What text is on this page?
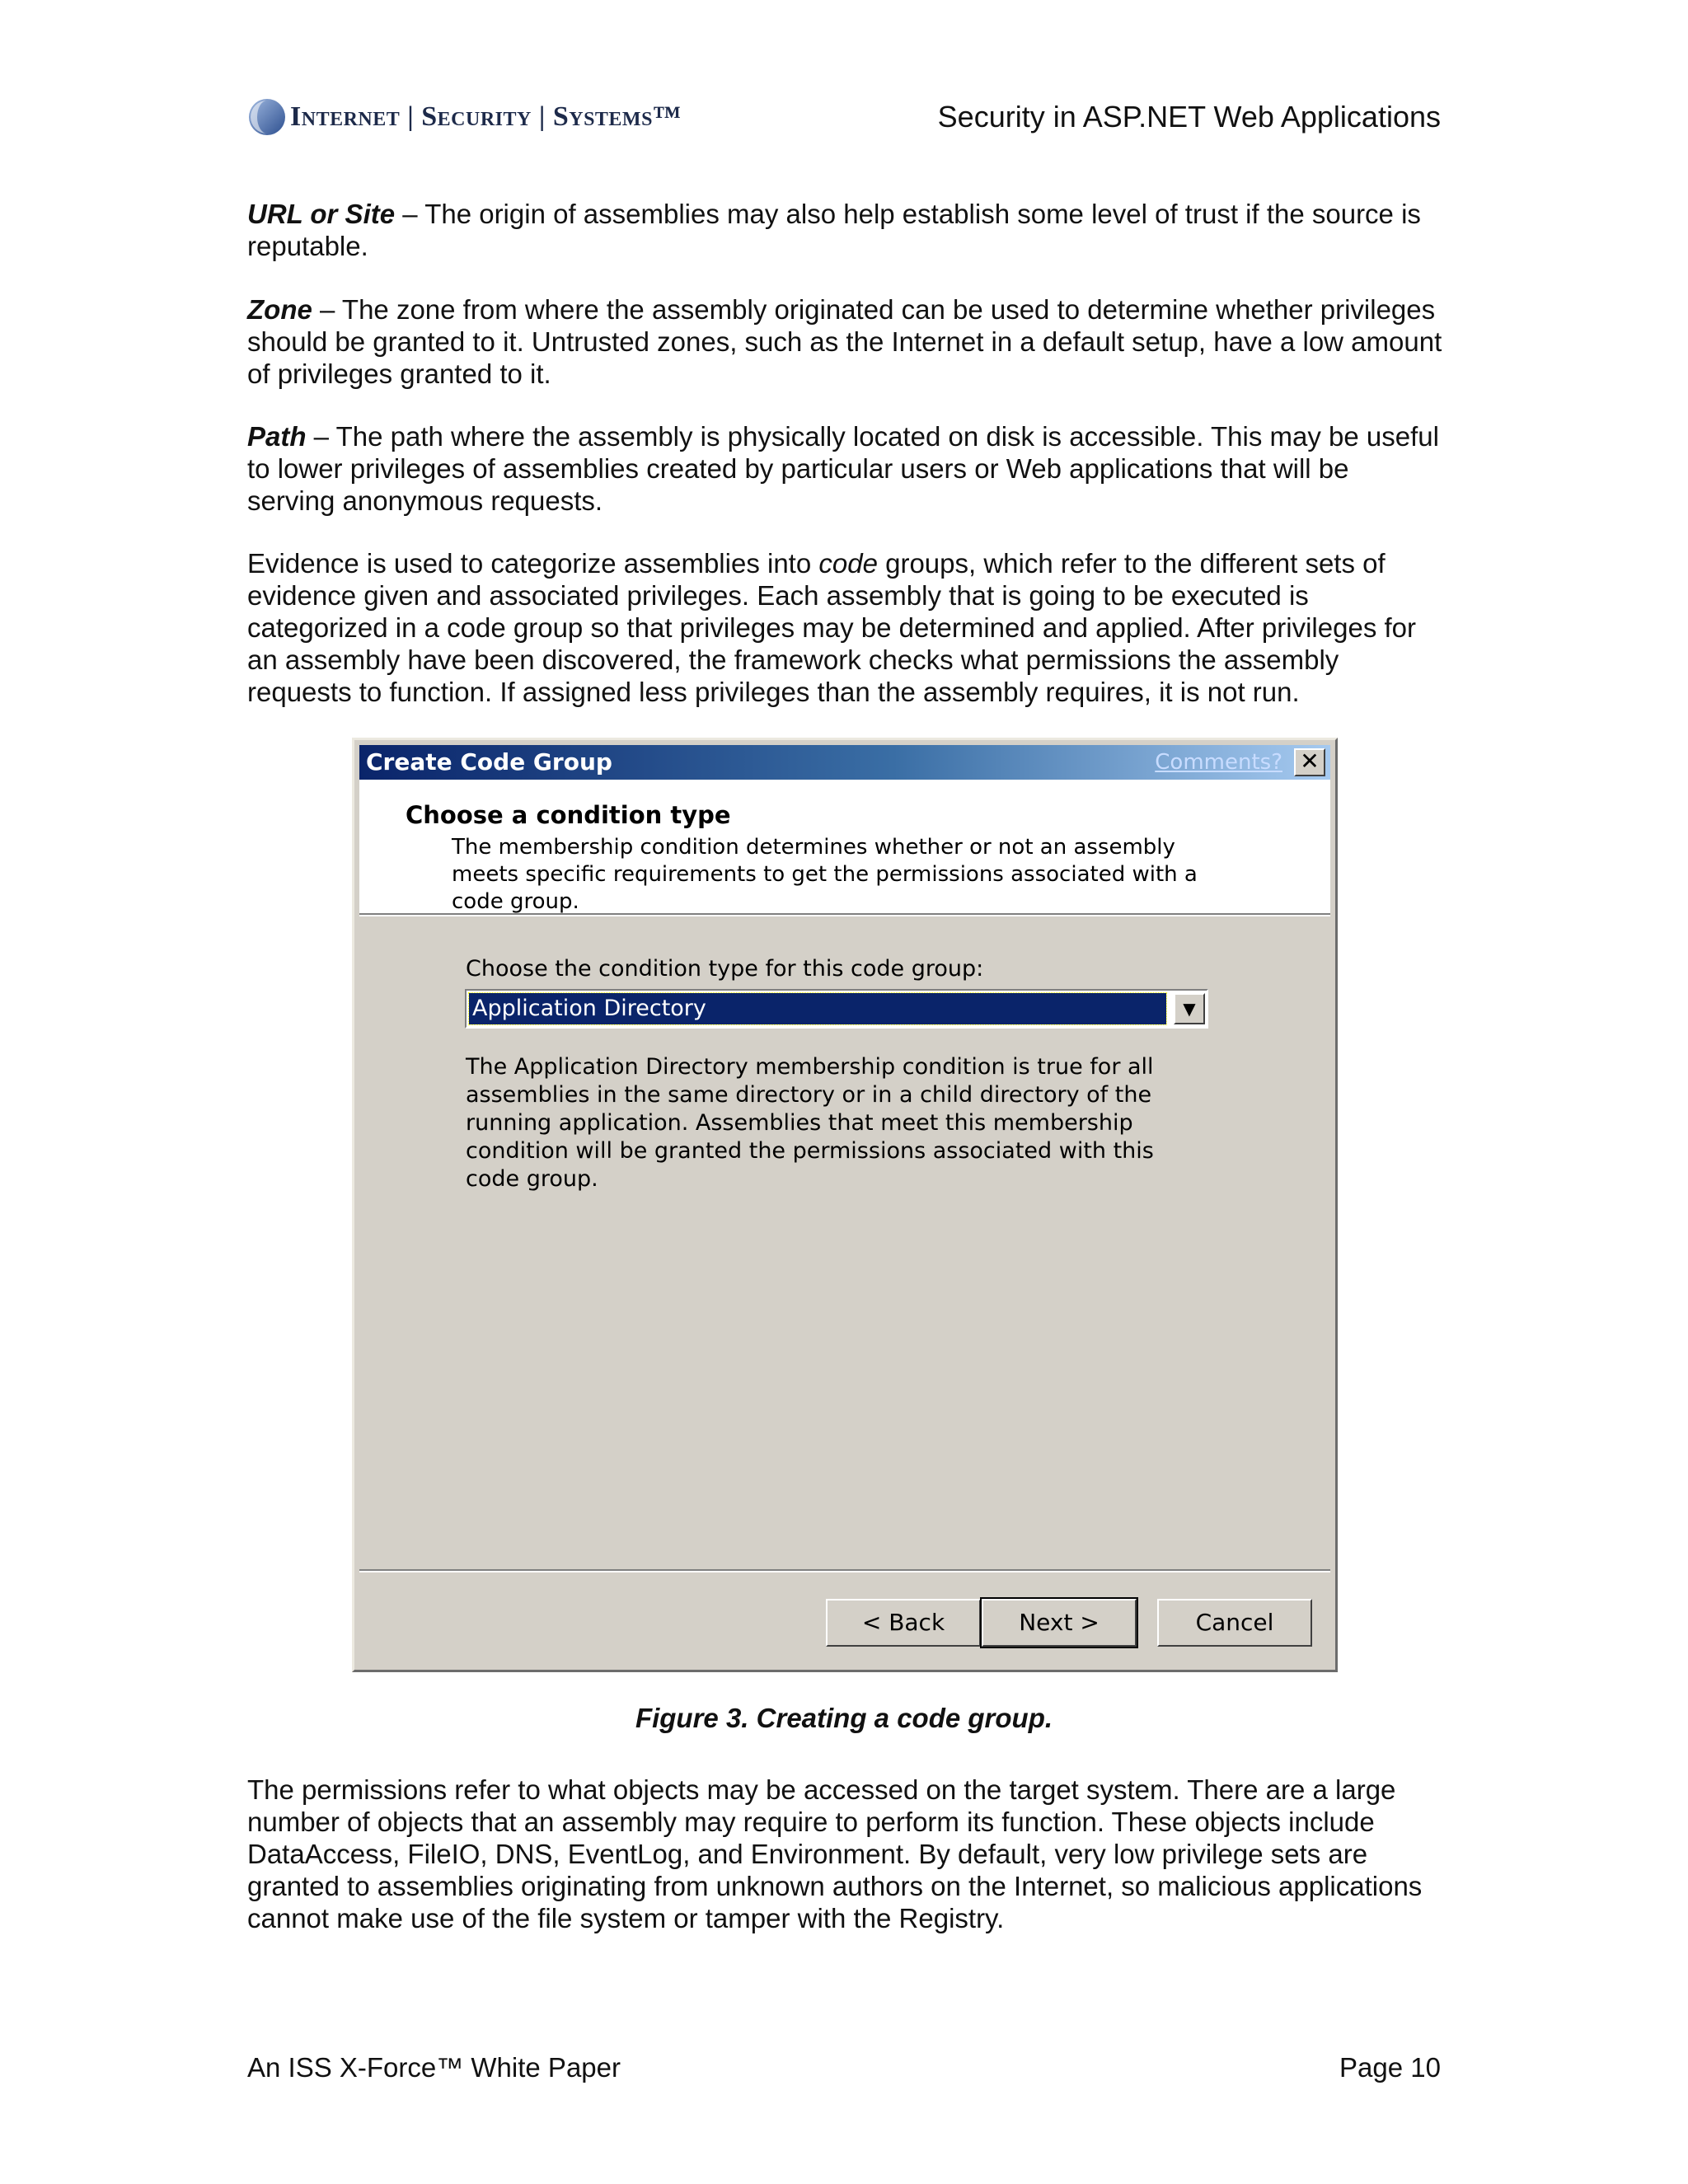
Internet | Security | Systems™	Security in ASP.NET Web Applications

URL or Site – The origin of assemblies may also help establish some level of trust if the source is reputable.

Zone – The zone from where the assembly originated can be used to determine whether privileges should be granted to it. Untrusted zones, such as the Internet in a default setup, have a low amount of privileges granted to it.

Path – The path where the assembly is physically located on disk is accessible. This may be useful to lower privileges of assemblies created by particular users or Web applications that will be serving anonymous requests.

Evidence is used to categorize assemblies into code groups, which refer to the different sets of evidence given and associated privileges. Each assembly that is going to be executed is categorized in a code group so that privileges may be determined and applied. After privileges for an assembly have been discovered, the framework checks what permissions the assembly requests to function. If assigned less privileges than the assembly requires, it is not run.

Create Code Group	Comments? ✕
Choose a condition type
The membership condition determines whether or not an assembly meets specific requirements to get the permissions associated with a code group.
Choose the condition type for this code group:
Application Directory	▼
The Application Directory membership condition is true for all assemblies in the same directory or in a child directory of the running application. Assemblies that meet this membership condition will be granted the permissions associated with this code group.
< Back	Next >	Cancel
Figure 3. Creating a code group.

The permissions refer to what objects may be accessed on the target system. There are a large number of objects that an assembly may require to perform its function. These objects include DataAccess, FileIO, DNS, EventLog, and Environment. By default, very low privilege sets are granted to assemblies originating from unknown authors on the Internet, so malicious applications cannot make use of the file system or tamper with the Registry.

An ISS X-Force™ White Paper	Page 10
